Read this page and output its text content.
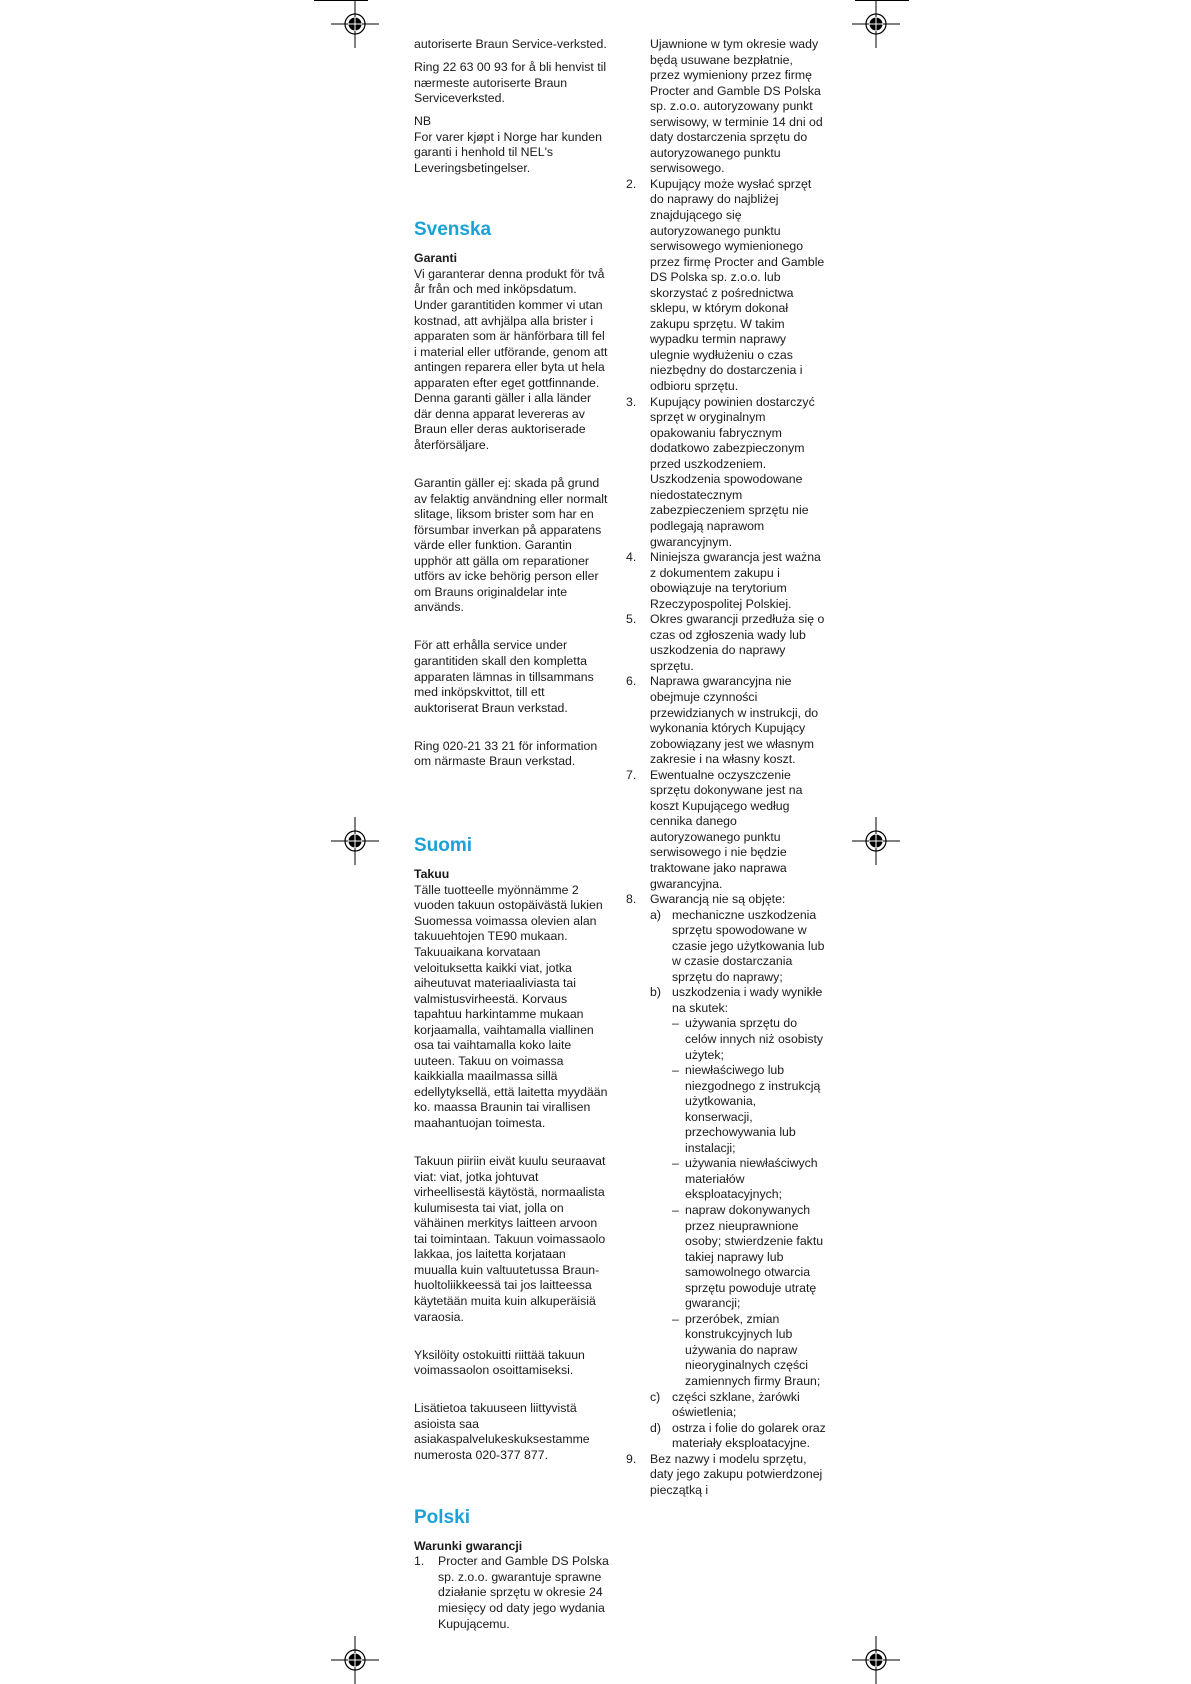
autoriserte Braun Service-verksted.

Ring 22 63 00 93 for å bli henvist til nærmeste autoriserte Braun Serviceverksted.

NB
For varer kjøpt i Norge har kunden garanti i henhold til NEL's Leveringsbetingelser.

Svenska
Garanti

Vi garanterar denna produkt för två år från och med inköpsdatum. Under garantitiden kommer vi utan kostnad, att avhjälpa alla brister i apparaten som är hänförbara till fel i material eller utförande, genom att antingen reparera eller byta ut hela apparaten efter eget gottfinnande. Denna garanti gäller i alla länder där denna apparat levereras av Braun eller deras auktoriserade återförsäljare.

Garantin gäller ej: skada på grund av felaktig användning eller normalt slitage, liksom brister som har en försumbar inverkan på apparatens värde eller funktion. Garantin upphör att gälla om reparationer utförs av icke behörig person eller om Brauns originaldelar inte används.

För att erhålla service under garantitiden skall den kompletta apparaten lämnas in tillsammans med inköpskvittot, till ett auktoriserat Braun verkstad.

Ring 020-21 33 21 för information om närmaste Braun verkstad.

Suomi
Takuu

Tälle tuotteelle myönnämme 2 vuoden takuun ostopäivästä lukien Suomessa voimassa olevien alan takuuehtojen TE90 mukaan. Takuuaikana korvataan veloituksetta kaikki viat, jotka aiheutuvat materiaaliviasta tai valmistusvirheestä. Korvaus tapahtuu harkintamme mukaan korjaamalla, vaihtamalla viallinen osa tai vaihtamalla koko laite uuteen. Takuu on voimassa kaikkialla maailmassa sillä edellytyksellä, että laitetta myydään ko. maassa Braunin tai virallisen maahantuojan toimesta.

Takuun piiriin eivät kuulu seuraavat viat: viat, jotka johtuvat virheellisestä käytöstä, normaalista kulumisesta tai viat, jolla on vähäinen merkitys laitteen arvoon tai toimintaan. Takuun voimassaolo lakkaa, jos laitetta korjataan muualla kuin valtuutetussa Braun-huoltoliikkeessä tai jos laitteessa käytetään muita kuin alkuperäisiä varaosia.

Yksilöity ostokuitti riittää takuun voimassaolon osoittamiseksi.

Lisätietoa takuuseen liittyvistä asioista saa asiakaspalvelukeskuksestamme numerosta 020-377 877.

Polski
Warunki gwarancji
1. Procter and Gamble DS Polska sp. z.o.o. gwarantuje sprawne działanie sprzętu w okresie 24 miesięcy od daty jego wydania Kupującemu.
Ujawnione w tym okresie wady będą usuwane bezpłatnie, przez wymieniony przez firmę Procter and Gamble DS Polska sp. z.o.o. autoryzowany punkt serwisowy, w terminie 14 dni od daty dostarczenia sprzętu do autoryzowanego punktu serwisowego.
2. Kupujący może wysłać sprzęt do naprawy do najbliżej znajdującego się autoryzowanego punktu serwisowego wymienionego przez firmę Procter and Gamble DS Polska sp. z.o.o. lub skorzystać z pośrednictwa sklepu, w którym dokonał zakupu sprzętu. W takim wypadku termin naprawy ulegnie wydłużeniu o czas niezbędny do dostarczenia i odbioru sprzętu.
3. Kupujący powinien dostarczyć sprzęt w oryginalnym opakowaniu fabrycznym dodatkowo zabezpieczonym przed uszkodzeniem. Uszkodzenia spowodowane niedostatecznym zabezpieczeniem sprzętu nie podlegają naprawom gwarancyjnym.
4. Niniejsza gwarancja jest ważna z dokumentem zakupu i obowiązuje na terytorium Rzeczypospolitej Polskiej.
5. Okres gwarancji przedłuża się o czas od zgłoszenia wady lub uszkodzenia do naprawy sprzętu.
6. Naprawa gwarancyjna nie obejmuje czynności przewidzianych w instrukcji, do wykonania których Kupujący zobowiązany jest we własnym zakresie i na własny koszt.
7. Ewentualne oczyszczenie sprzętu dokonywane jest na koszt Kupującego według cennika danego autoryzowanego punktu serwisowego i nie będzie traktowane jako naprawa gwarancyjna.
8. Gwarancją nie są objęte:
a) mechaniczne uszkodzenia sprzętu spowodowane w czasie jego użytkowania lub w czasie dostarczania sprzętu do naprawy;
b) uszkodzenia i wady wynikłe na skutek:
– używania sprzętu do celów innych niż osobisty użytek;
– niewłaściwego lub niezgodnego z instrukcją użytkowania, konserwacji, przechowywania lub instalacji;
– używania niewłaściwych materiałów eksploatacyjnych;
– napraw dokonywanych przez nieuprawnione osoby; stwierdzenie faktu takiej naprawy lub samowolnego otwarcia sprzętu powoduje utratę gwarancji;
– przeróbek, zmian konstrukcyjnych lub używania do napraw nieoryginalnych części zamiennych firmy Braun;
c) części szklane, żarówki oświetlenia;
d) ostrza i folie do golarek oraz materiały eksploatacyjne.
9. Bez nazwy i modelu sprzętu, daty jego zakupu potwierdzonej pieczątką i
